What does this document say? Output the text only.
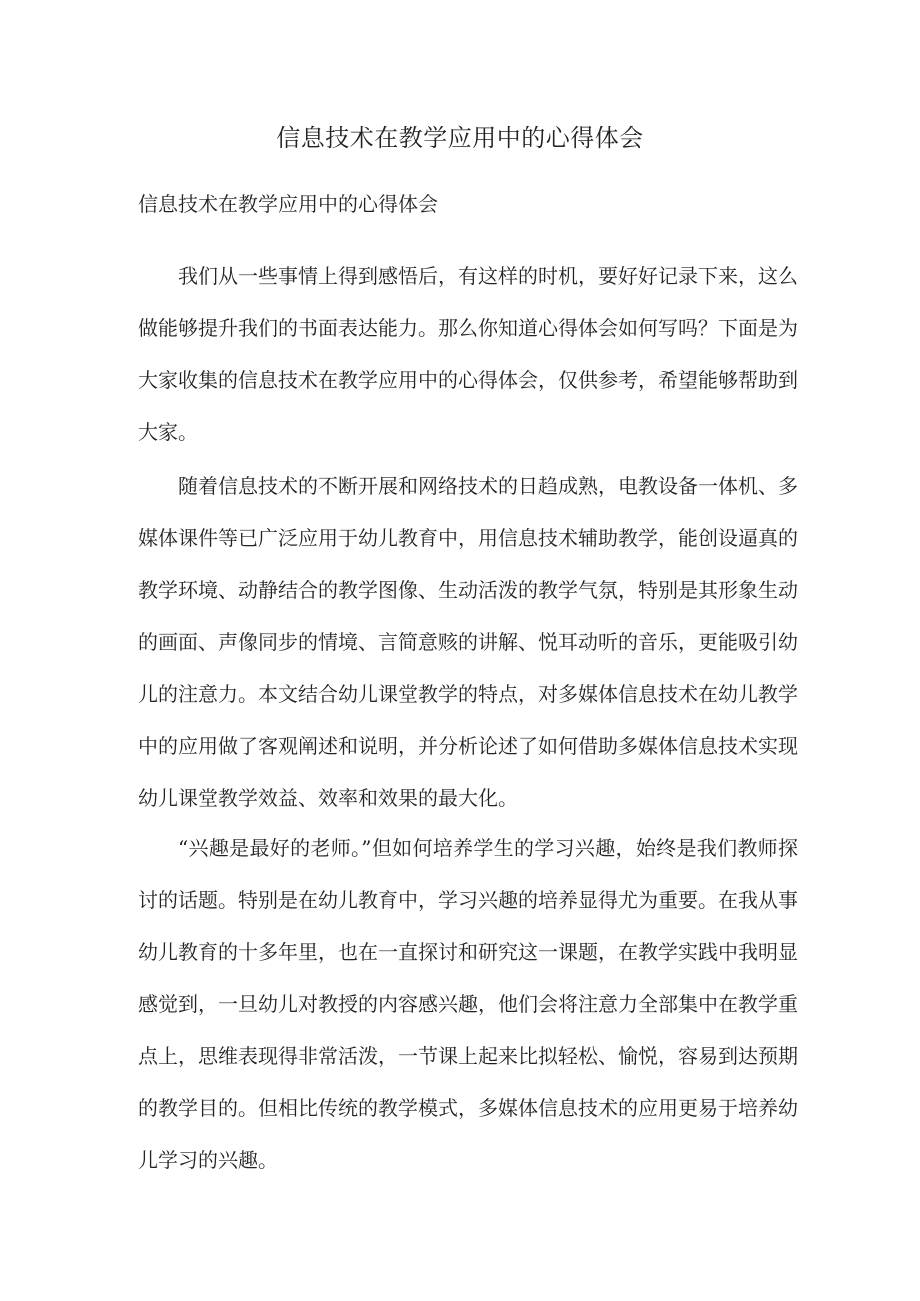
信息技术在教学应用中的心得体会
信息技术在教学应用中的心得体会

我们从一些事情上得到感悟后，有这样的时机，要好好记录下来，这么做能够提升我们的书面表达能力。那么你知道心得体会如何写吗？下面是为大家收集的信息技术在教学应用中的心得体会，仅供参考，希望能够帮助到大家。

随着信息技术的不断开展和网络技术的日趋成熟，电教设备一体机、多媒体课件等已广泛应用于幼儿教育中，用信息技术辅助教学，能创设逼真的教学环境、动静结合的教学图像、生动活泼的教学气氛，特别是其形象生动的画面、声像同步的情境、言简意赅的讲解、悦耳动听的音乐，更能吸引幼儿的注意力。本文结合幼儿课堂教学的特点，对多媒体信息技术在幼儿教学中的应用做了客观阐述和说明，并分析论述了如何借助多媒体信息技术实现幼儿课堂教学效益、效率和效果的最大化。

“兴趣是最好的老师。”但如何培养学生的学习兴趣，始终是我们教师探讨的话题。特别是在幼儿教育中，学习兴趣的培养显得尤为重要。在我从事幼儿教育的十多年里，也在一直探讨和研究这一课题，在教学实践中我明显感觉到，一旦幼儿对教授的内容感兴趣，他们会将注意力全部集中在教学重点上，思维表现得非常活泼，一节课上起来比拟轻松、愉悦，容易到达预期的教学目的。但相比传统的教学模式，多媒体信息技术的应用更易于培养幼儿学习的兴趣。
